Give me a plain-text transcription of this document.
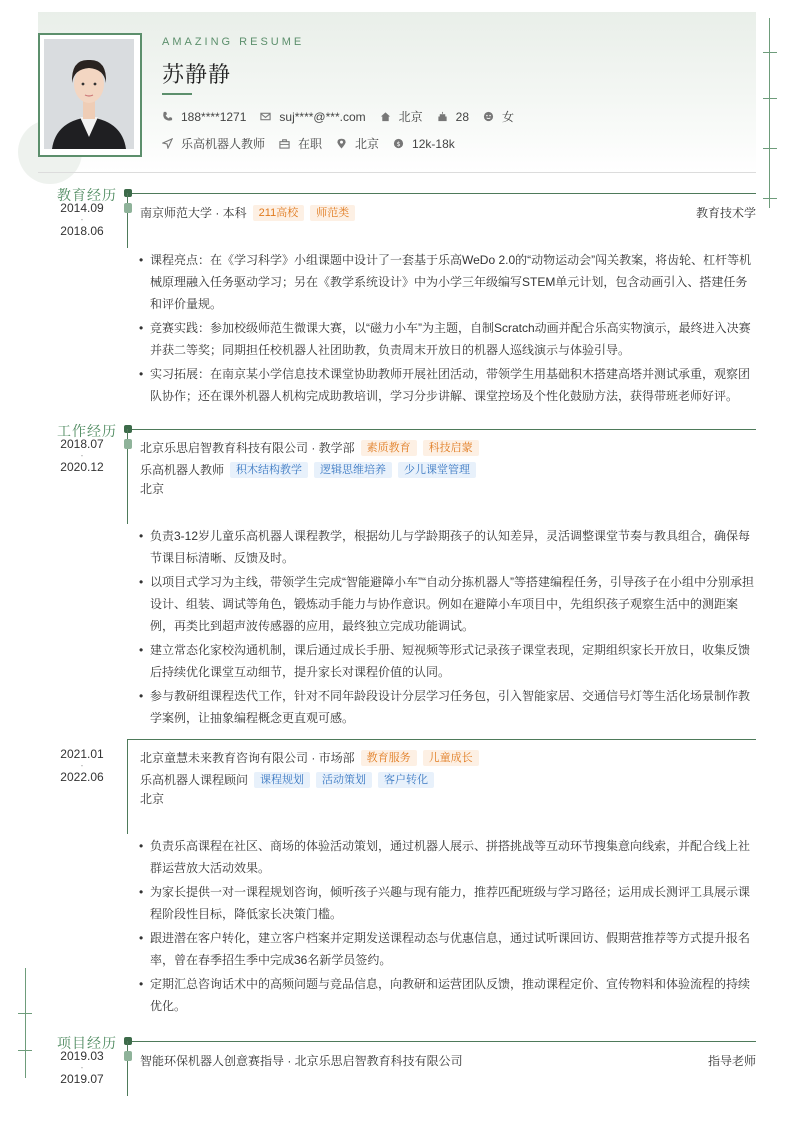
AMAZING RESUME
苏静静
188****1271	suj****@***.com	北京	28	女
乐高机器人教师	在职	北京 $ 12k-18k
教育经历
2014.09
-
2018.06
南京师范大学 · 本科	211高校	师范类	教育技术学
• 课程亮点：在《学习科学》小组课题中设计了一套基于乐高WeDo 2.0的“动物运动会”闯关教案，将齿轮、杠杆等机械原理融入任务驱动学习；另在《教学系统设计》中为小学三年级编写STEM单元计划，包含动画引入、搭建任务和评价量规。
• 竞赛实践：参加校级师范生微课大赛，以“磁力小车”为主题，自制Scratch动画并配合乐高实物演示，最终进入决赛并获二等奖；同期担任校机器人社团助教，负责周末开放日的机器人巡线演示与体验引导。
• 实习拓展：在南京某小学信息技术课堂协助教师开展社团活动，带领学生用基础积木搭建高塔并测试承重，观察团队协作；还在课外机器人机构完成助教培训，学习分步讲解、课堂控场及个性化鼓励方法，获得带班老师好评。
工作经历
2018.07
-
2020.12
北京乐思启智教育科技有限公司 · 教学部	素质教育	科技启蒙
乐高机器人教师	积木结构教学	逻辑思维培养	少儿课堂管理
北京
• 负责3-12岁儿童乐高机器人课程教学，根据幼儿与学龄期孩子的认知差异，灵活调整课堂节奏与教具组合，确保每节课目标清晰、反馈及时。
• 以项目式学习为主线，带领学生完成“智能避障小车”“自动分拣机器人”等搭建编程任务，引导孩子在小组中分别承担设计、组装、调试等角色，锻炼动手能力与协作意识。例如在避障小车项目中，先组织孩子观察生活中的测距案例，再类比到超声波传感器的应用，最终独立完成功能调试。
• 建立常态化家校沟通机制，课后通过成长手册、短视频等形式记录孩子课堂表现，定期组织家长开放日，收集反馈后持续优化课堂互动细节，提升家长对课程价值的认同。
• 参与教研组课程迭代工作，针对不同年龄段设计分层学习任务包，引入智能家居、交通信号灯等生活化场景制作教学案例，让抽象编程概念更直观可感。
2021.01
-
2022.06
北京童慧未来教育咨询有限公司 · 市场部	教育服务	儿童成长
乐高机器人课程顾问	课程规划	活动策划	客户转化
北京
• 负责乐高课程在社区、商场的体验活动策划，通过机器人展示、拼搭挑战等互动环节搜集意向线索，并配合线上社群运营放大活动效果。
• 为家长提供一对一课程规划咨询，倾听孩子兴趣与现有能力，推荐匹配班级与学习路径；运用成长测评工具展示课程阶段性目标，降低家长决策门槛。
• 跟进潜在客户转化，建立客户档案并定期发送课程动态与优惠信息，通过试听课回访、假期营推荐等方式提升报名率，曾在春季招生季中完成36名新学员签约。
• 定期汇总咨询话术中的高频问题与竞品信息，向教研和运营团队反馈，推动课程定价、宣传物料和体验流程的持续优化。
项目经历
2019.03
-
2019.07
智能环保机器人创意赛指导 · 北京乐思启智教育科技有限公司	指导老师
